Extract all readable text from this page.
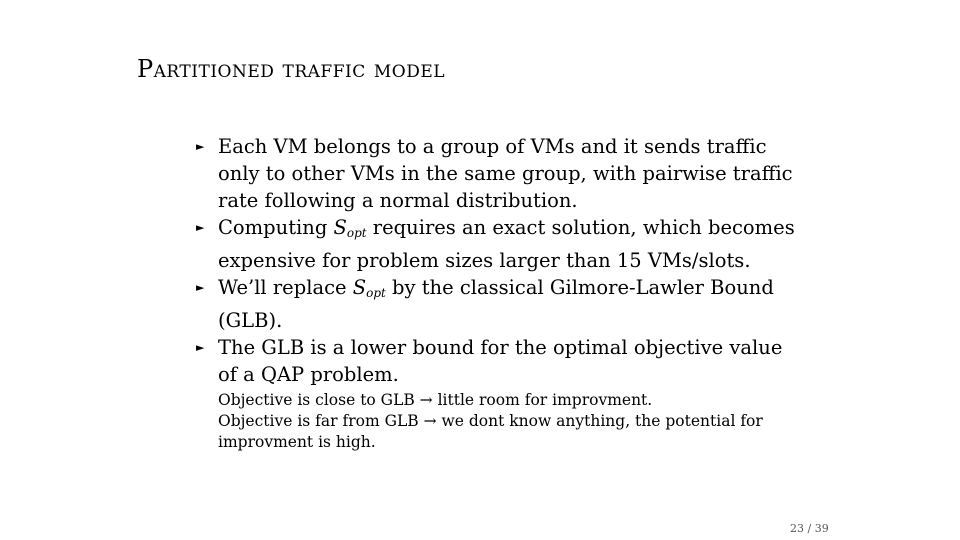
Partitioned traffic model
► Each VM belongs to a group of VMs and it sends traffic only to other VMs in the same group, with pairwise traffic rate following a normal distribution.
► Computing $S_{opt}$ requires an exact solution, which becomes expensive for problem sizes larger than 15 VMs/slots.
► We’ll replace $S_{opt}$ by the classical Gilmore-Lawler Bound (GLB).
► The GLB is a lower bound for the optimal objective value of a QAP problem.
Objective is close to GLB → little room for improvment.
Objective is far from GLB → we dont know anything, the potential for improvment is high.
23 / 39
